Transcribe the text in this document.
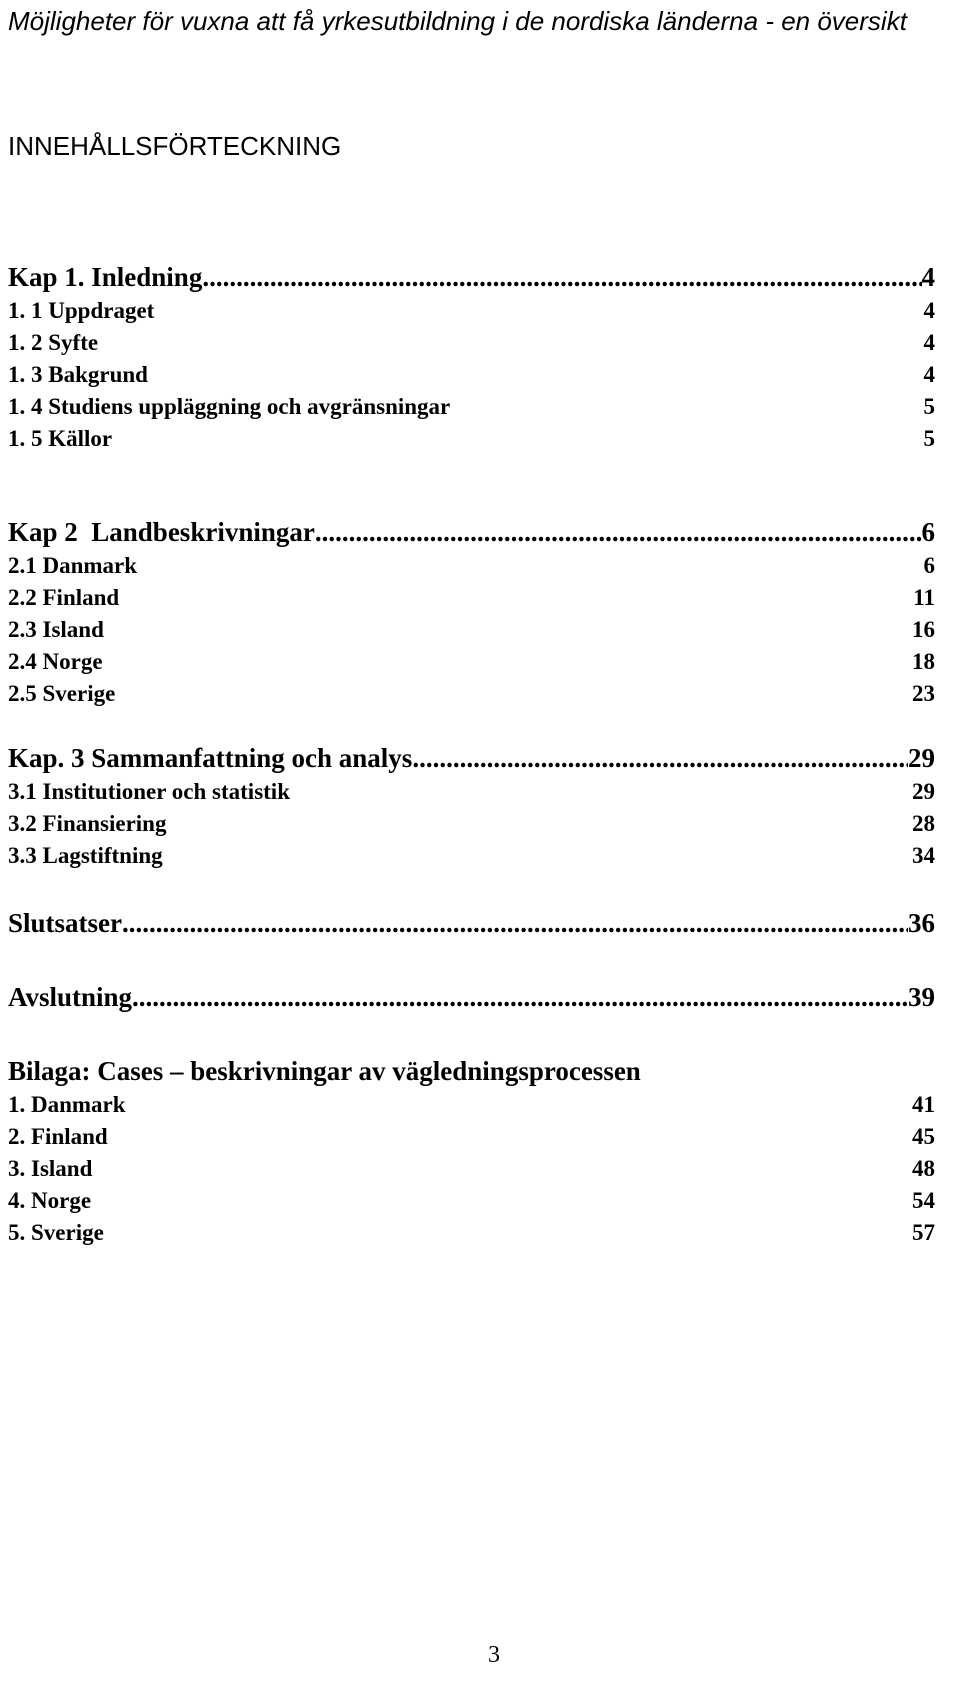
Möjligheter för vuxna att få yrkesutbildning i de nordiska länderna - en översikt
INNEHÅLLSFÖRTECKNING
Kap 1. Inledning .....	4
1. 1 Uppdraget	4
1. 2 Syfte	4
1. 3 Bakgrund	4
1. 4 Studiens uppläggning och avgränsningar	5
1. 5 Källor	5
Kap 2  Landbeskrivningar .....	6
2.1 Danmark	6
2.2 Finland	11
2.3 Island	16
2.4 Norge	18
2.5 Sverige	23
Kap. 3 Sammanfattning och analys .....	29
3.1 Institutioner och statistik	29
3.2 Finansiering	28
3.3 Lagstiftning	34
Slutsatser .....	36
Avslutning .....	39
Bilaga: Cases – beskrivningar av vägledningsprocessen
1. Danmark	41
2. Finland	45
3. Island	48
4. Norge	54
5. Sverige	57
3
